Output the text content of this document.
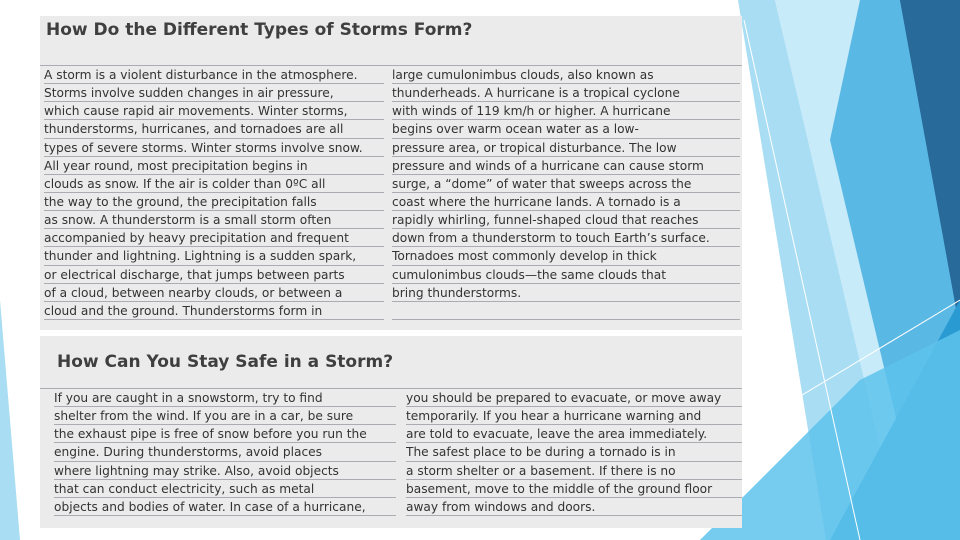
How Do the Different Types of Storms Form?
A storm is a violent disturbance in the atmosphere.
Storms involve sudden changes in air pressure,
which cause rapid air movements. Winter storms,
thunderstorms, hurricanes, and tornadoes are all
types of severe storms. Winter storms involve snow.
All year round, most precipitation begins in
clouds as snow. If the air is colder than 0ºC all
the way to the ground, the precipitation falls
as snow. A thunderstorm is a small storm often
accompanied by heavy precipitation and frequent
thunder and lightning. Lightning is a sudden spark,
or electrical discharge, that jumps between parts
of a cloud, between nearby clouds, or between a
cloud and the ground. Thunderstorms form in
large cumulonimbus clouds, also known as
thunderheads. A hurricane is a tropical cyclone
with winds of 119 km/h or higher. A hurricane
begins over warm ocean water as a low-
pressure area, or tropical disturbance. The low
pressure and winds of a hurricane can cause storm
surge, a “dome” of water that sweeps across the
coast where the hurricane lands. A tornado is a
rapidly whirling, funnel-shaped cloud that reaches
down from a thunderstorm to touch Earth’s surface.
Tornadoes most commonly develop in thick
cumulonimbus clouds—the same clouds that
bring thunderstorms.
How Can You Stay Safe in a Storm?
If you are caught in a snowstorm, try to find
shelter from the wind. If you are in a car, be sure
the exhaust pipe is free of snow before you run the
engine. During thunderstorms, avoid places
where lightning may strike. Also, avoid objects
that can conduct electricity, such as metal
objects and bodies of water. In case of a hurricane,
you should be prepared to evacuate, or move away
temporarily. If you hear a hurricane warning and
are told to evacuate, leave the area immediately.
The safest place to be during a tornado is in
a storm shelter or a basement. If there is no
basement, move to the middle of the ground floor
away from windows and doors.
